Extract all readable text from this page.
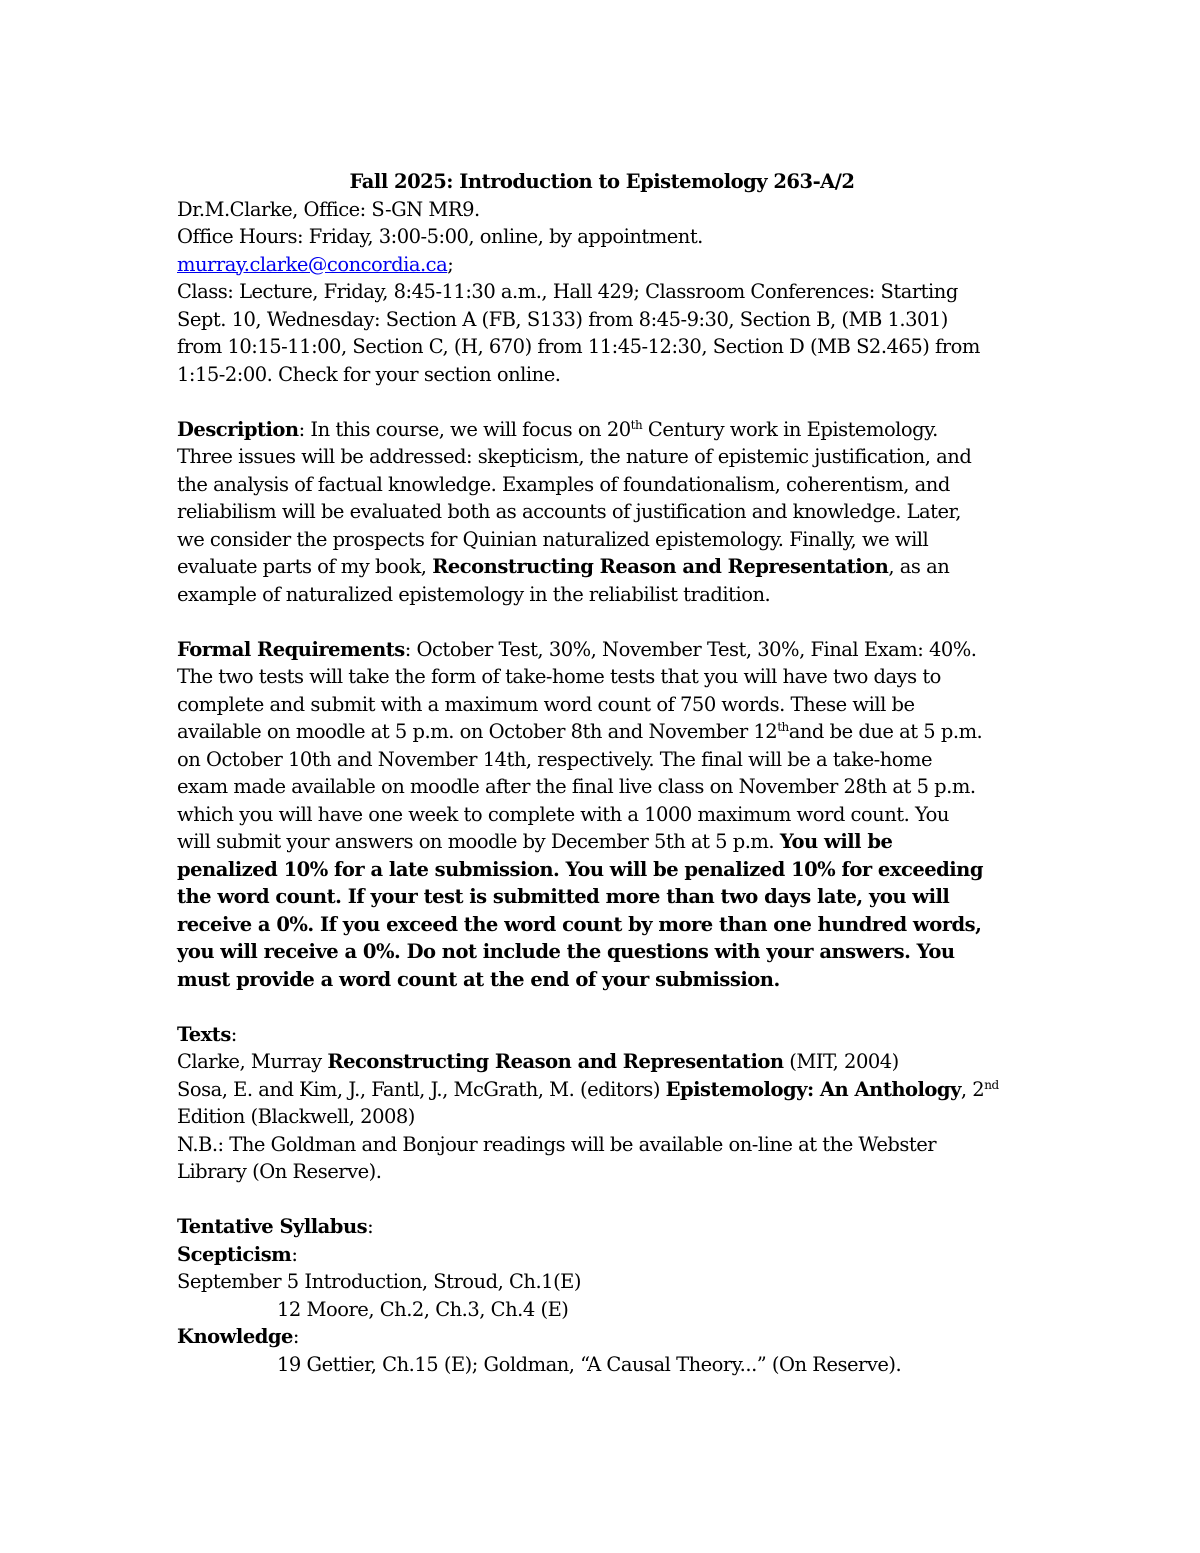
Fall 2025: Introduction to Epistemology 263-A/2
Dr.M.Clarke, Office: S-GN MR9.
Office Hours: Friday, 3:00-5:00, online, by appointment.
murray.clarke@concordia.ca;
Class: Lecture, Friday, 8:45-11:30 a.m., Hall 429; Classroom Conferences: Starting
Sept. 10, Wednesday: Section A (FB, S133) from 8:45-9:30, Section B, (MB 1.301)
from 10:15-11:00, Section C, (H, 670) from 11:45-12:30, Section D (MB S2.465) from
1:15-2:00. Check for your section online.
Description: In this course, we will focus on 20th Century work in Epistemology.
Three issues will be addressed: skepticism, the nature of epistemic justification, and
the analysis of factual knowledge. Examples of foundationalism, coherentism, and
reliabilism will be evaluated both as accounts of justification and knowledge. Later,
we consider the prospects for Quinian naturalized epistemology. Finally, we will
evaluate parts of my book, Reconstructing Reason and Representation, as an
example of naturalized epistemology in the reliabilist tradition.
Formal Requirements: October Test, 30%, November Test, 30%, Final Exam: 40%.
The two tests will take the form of take-home tests that you will have two days to
complete and submit with a maximum word count of 750 words. These will be
available on moodle at 5 p.m. on October 8th and November 12thand be due at 5 p.m.
on October 10th and November 14th, respectively. The final will be a take-home
exam made available on moodle after the final live class on November 28th at 5 p.m.
which you will have one week to complete with a 1000 maximum word count. You
will submit your answers on moodle by December 5th at 5 p.m. You will be
penalized 10% for a late submission. You will be penalized 10% for exceeding
the word count. If your test is submitted more than two days late, you will
receive a 0%. If you exceed the word count by more than one hundred words,
you will receive a 0%. Do not include the questions with your answers. You
must provide a word count at the end of your submission.
Texts:
Clarke, Murray Reconstructing Reason and Representation (MIT, 2004)
Sosa, E. and Kim, J., Fantl, J., McGrath, M. (editors) Epistemology: An Anthology, 2nd
Edition (Blackwell, 2008)
N.B.: The Goldman and Bonjour readings will be available on-line at the Webster
Library (On Reserve).
Tentative Syllabus:
Scepticism:
September 5 Introduction, Stroud, Ch.1(E)
12 Moore, Ch.2, Ch.3, Ch.4 (E)
Knowledge:
19 Gettier, Ch.15 (E); Goldman, “A Causal Theory...” (On Reserve).
